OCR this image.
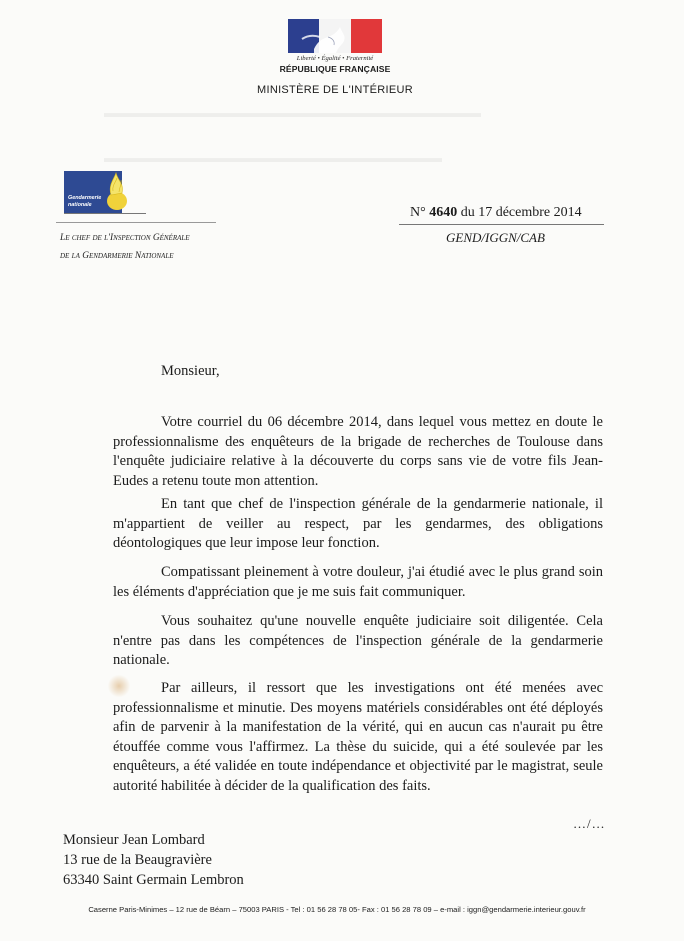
Liberté • Égalité • Fraternité
RÉPUBLIQUE FRANÇAISE
MINISTÈRE DE L'INTÉRIEUR
▬▬▬▬▬▬▬▬▬▬▬▬▬▬▬▬▬▬▬▬▬▬▬▬▬▬▬▬▬
▬▬▬▬▬▬▬▬▬▬▬▬▬▬▬▬▬▬▬▬▬▬▬▬▬▬
Gendarmerie nationale
Le chef de l'Inspection Générale
de la Gendarmerie Nationale
N° 4640 du 17 décembre 2014
GEND/IGGN/CAB
Monsieur,

Votre courriel du 06 décembre 2014, dans lequel vous mettez en doute le professionnalisme des enquêteurs de la brigade de recherches de Toulouse dans l'enquête judiciaire relative à la découverte du corps sans vie de votre fils Jean-Eudes a retenu toute mon attention.

En tant que chef de l'inspection générale de la gendarmerie nationale, il m'appartient de veiller au respect, par les gendarmes, des obligations déontologiques que leur impose leur fonction.

Compatissant pleinement à votre douleur, j'ai étudié avec le plus grand soin les éléments d'appréciation que je me suis fait communiquer.

Vous souhaitez qu'une nouvelle enquête judiciaire soit diligentée. Cela n'entre pas dans les compétences de l'inspection générale de la gendarmerie nationale.

Par ailleurs, il ressort que les investigations ont été menées avec professionnalisme et minutie. Des moyens matériels considérables ont été déployés afin de parvenir à la manifestation de la vérité, qui en aucun cas n'aurait pu être étouffée comme vous l'affirmez. La thèse du suicide, qui a été soulevée par les enquêteurs, a été validée en toute indépendance et objectivité par le magistrat, seule autorité habilitée à décider de la qualification des faits.

…/…
Monsieur Jean Lombard
13 rue de la Beaugravière
63340 Saint Germain Lembron
Caserne Paris-Minimes – 12 rue de Béarn – 75003 PARIS - Tel : 01 56 28 78 05- Fax : 01 56 28 78 09 – e-mail : iggn@gendarmerie.interieur.gouv.fr
